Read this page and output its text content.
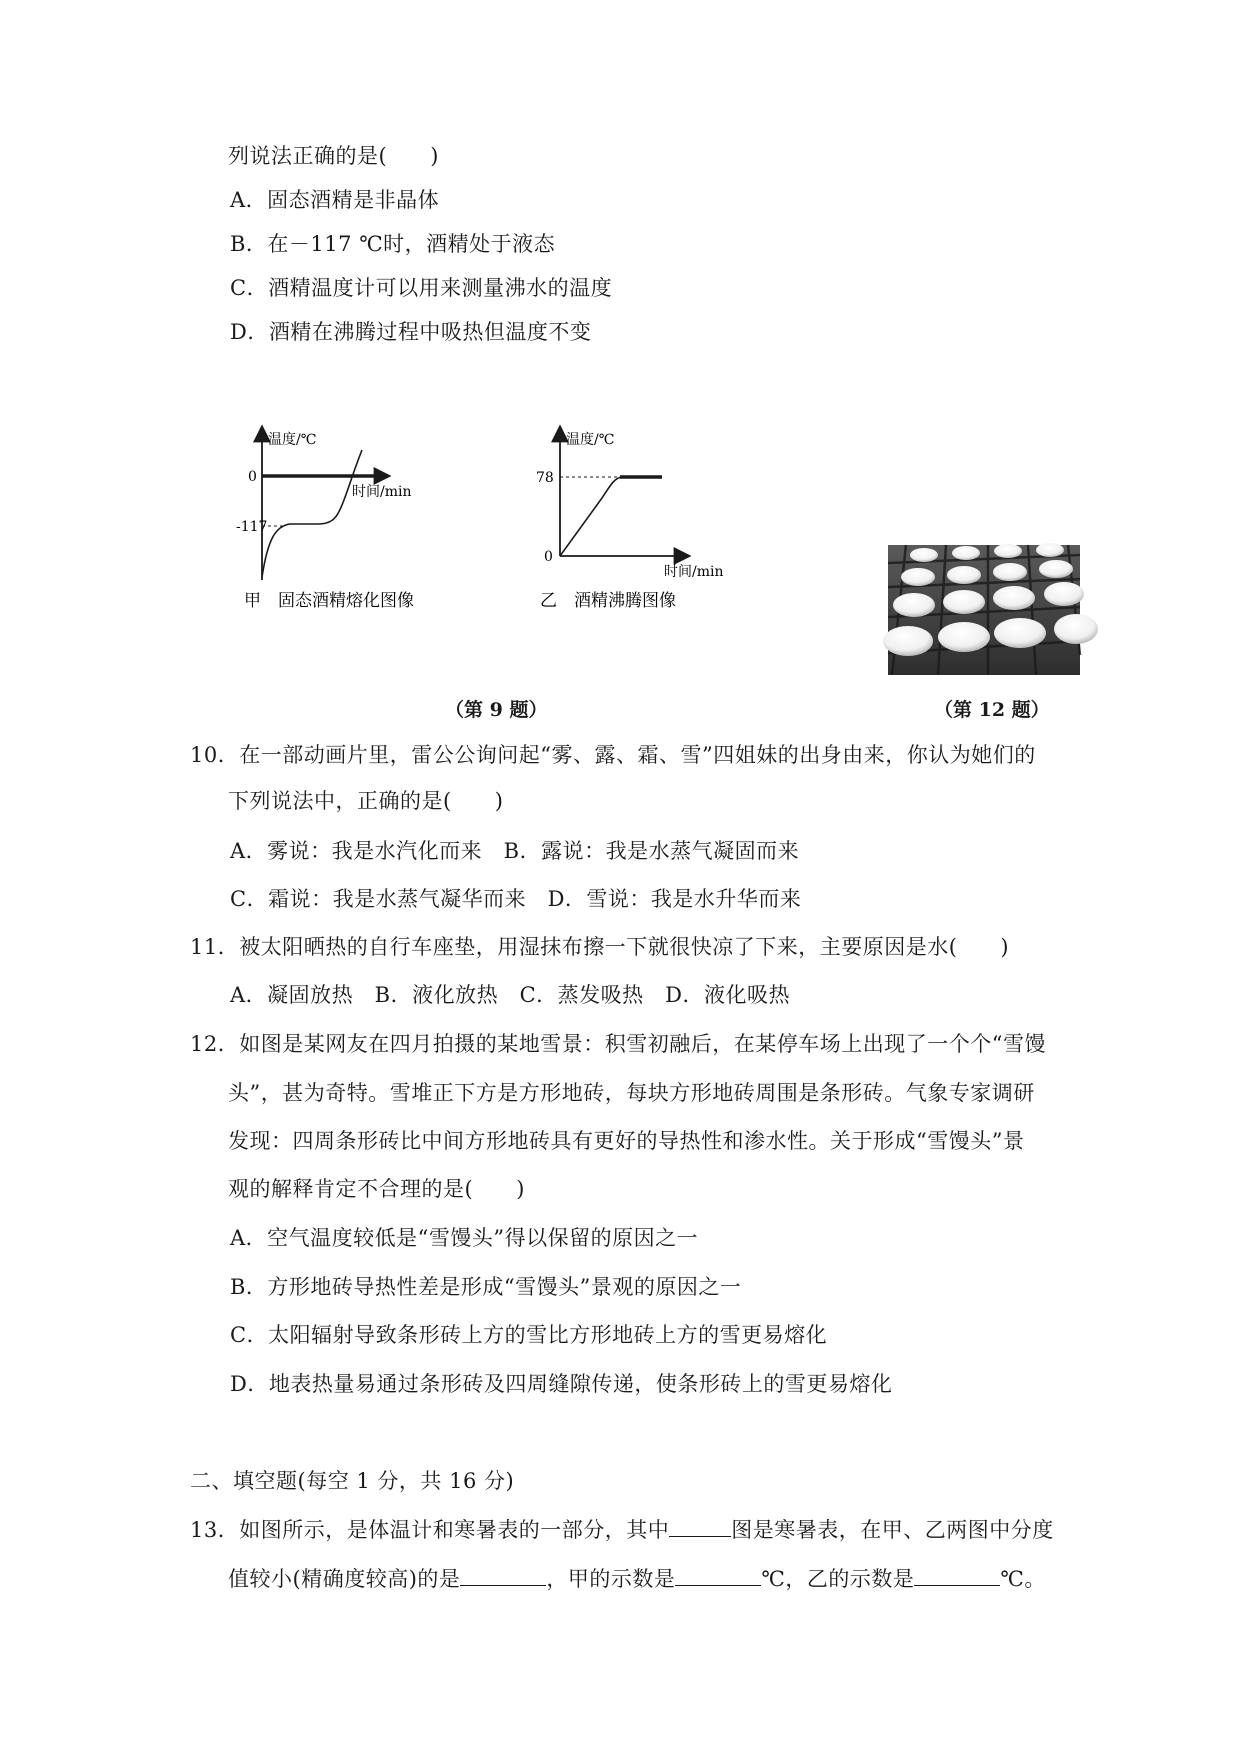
列说法正确的是(　　)
A．固态酒精是非晶体
B．在－117 ℃时，酒精处于液态
C．酒精温度计可以用来测量沸水的温度
D．酒精在沸腾过程中吸热但温度不变
温度/℃
0
-117
时间/min
甲　固态酒精熔化图像
温度/℃
78
0
时间/min
乙　酒精沸腾图像
（第 9 题）	（第 12 题）
10．在一部动画片里，雷公公询问起“雾、露、霜、雪”四姐妹的出身由来，你认为她们的
下列说法中，正确的是(　　)
A．雾说：我是水汽化而来　B．露说：我是水蒸气凝固而来
C．霜说：我是水蒸气凝华而来　D．雪说：我是水升华而来
11．被太阳晒热的自行车座垫，用湿抹布擦一下就很快凉了下来，主要原因是水(　　)
A．凝固放热　B．液化放热　C．蒸发吸热　D．液化吸热
12．如图是某网友在四月拍摄的某地雪景：积雪初融后，在某停车场上出现了一个个“雪馒
头”，甚为奇特。雪堆正下方是方形地砖，每块方形地砖周围是条形砖。气象专家调研
发现：四周条形砖比中间方形地砖具有更好的导热性和渗水性。关于形成“雪馒头”景
观的解释肯定不合理的是(　　)
A．空气温度较低是“雪馒头”得以保留的原因之一
B．方形地砖导热性差是形成“雪馒头”景观的原因之一
C．太阳辐射导致条形砖上方的雪比方形地砖上方的雪更易熔化
D．地表热量易通过条形砖及四周缝隙传递，使条形砖上的雪更易熔化
二、填空题(每空 1 分，共 16 分)
13．如图所示，是体温计和寒暑表的一部分，其中	图是寒暑表，在甲、乙两图中分度
值较小(精确度较高)的是	，甲的示数是	℃，乙的示数是	℃。
